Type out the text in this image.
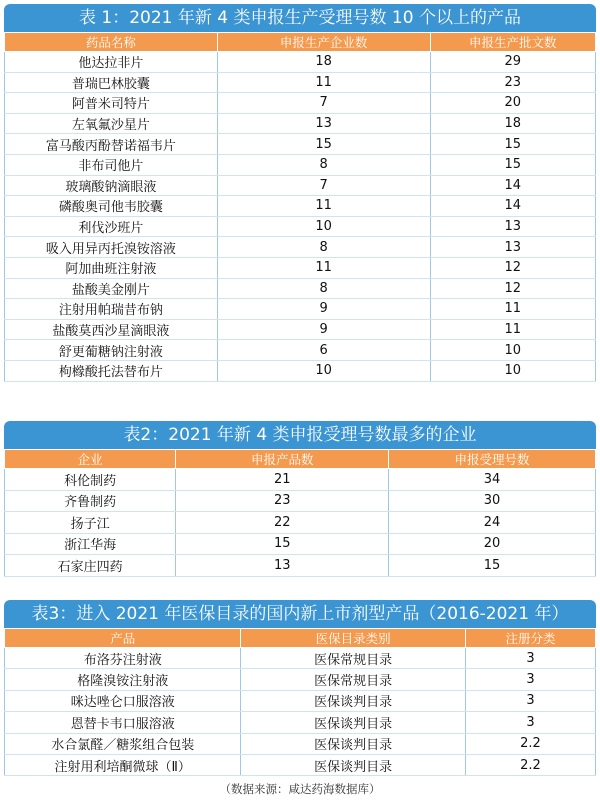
表 1：2021 年新 4 类申报生产受理号数 10 个以上的产品
药品名称	申报生产企业数	申报生产批文数
他达拉非片	18	29
普瑞巴林胶囊	11	23
阿普米司特片	7	20
左氧氟沙星片	13	18
富马酸丙酚替诺福韦片	15	15
非布司他片	8	15
玻璃酸钠滴眼液	7	14
磷酸奥司他韦胶囊	11	14
利伐沙班片	10	13
吸入用异丙托溴铵溶液	8	13
阿加曲班注射液	11	12
盐酸美金刚片	8	12
注射用帕瑞昔布钠	9	11
盐酸莫西沙星滴眼液	9	11
舒更葡糖钠注射液	6	10
枸橼酸托法替布片	10	10
表2：2021 年新 4 类申报受理号数最多的企业
企业	申报产品数	申报受理号数
科伦制药	21	34
齐鲁制药	23	30
扬子江	22	24
浙江华海	15	20
石家庄四药	13	15
表3：进入 2021 年医保目录的国内新上市剂型产品（2016-2021 年）
产品	医保目录类别	注册分类
布洛芬注射液	医保常规目录	3
格隆溴铵注射液	医保常规目录	3
咪达唑仑口服溶液	医保谈判目录	3
恩替卡韦口服溶液	医保谈判目录	3
水合氯醛／糖浆组合包装	医保谈判目录	2.2
注射用利培酮微球（Ⅱ）	医保谈判目录	2.2
（数据来源：咸达药海数据库）
